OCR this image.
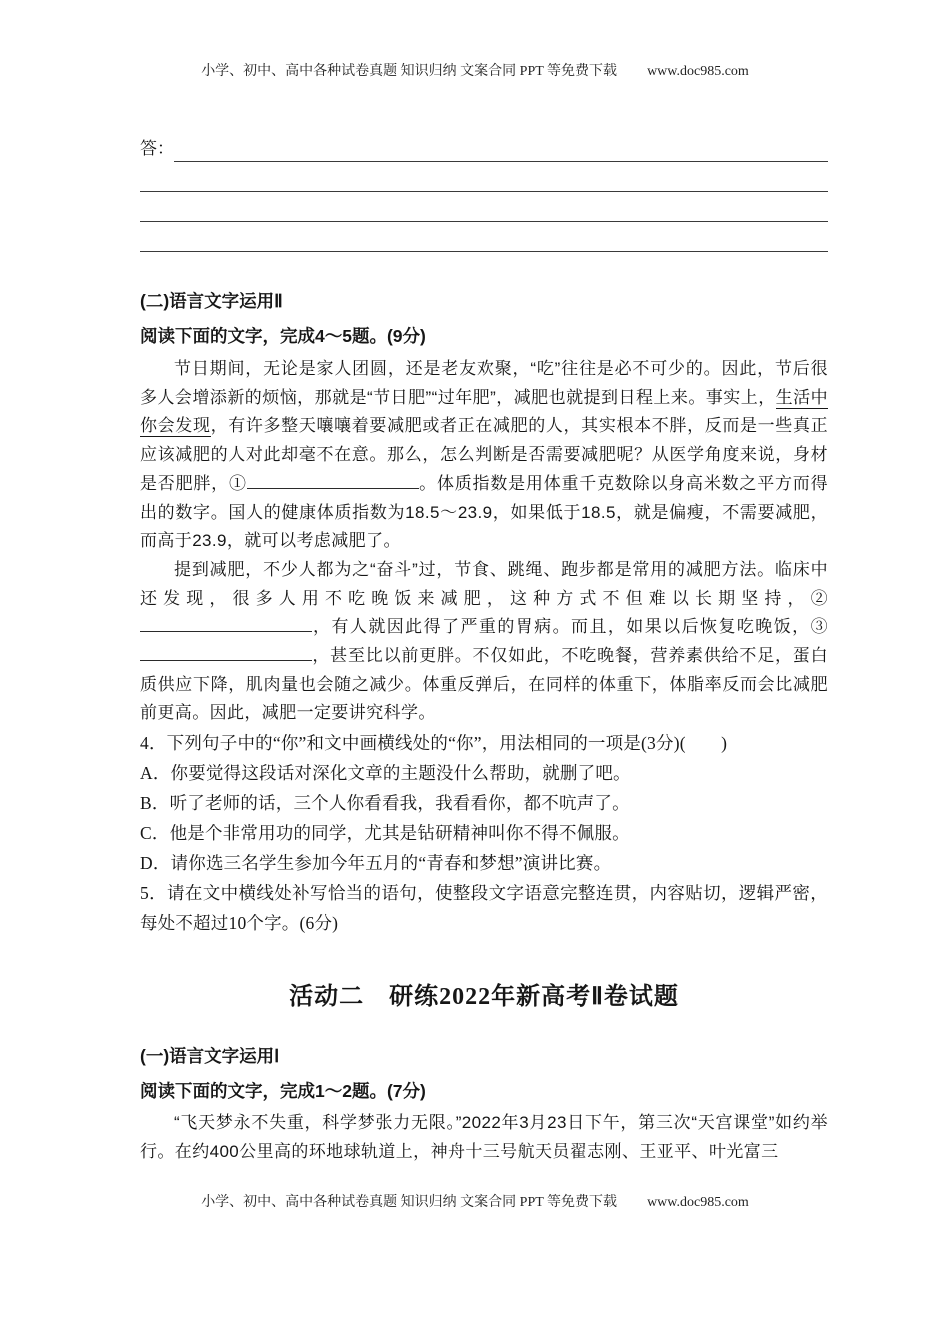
小学、初中、高中各种试卷真题 知识归纳 文案合同 PPT 等免费下载 www.doc985.com
答：
(二)语言文字运用Ⅱ
阅读下面的文字，完成4～5题。(9分)

节日期间，无论是家人团圆，还是老友欢聚，“吃”往往是必不可少的。因此，节后很多人会增添新的烦恼，那就是“节日肥”“过年肥”，减肥也就提到日程上来。事实上，生活中你会发现，有许多整天嚷嚷着要减肥或者正在减肥的人，其实根本不胖，反而是一些真正应该减肥的人对此却毫不在意。那么，怎么判断是否需要减肥呢？从医学角度来说，身材是否肥胖，①	。体质指数是用体重千克数除以身高米数之平方而得出的数字。国人的健康体质指数为18.5～23.9，如果低于18.5，就是偏瘦，不需要减肥，而高于23.9，就可以考虑减肥了。

提到减肥，不少人都为之“奋斗”过，节食、跳绳、跑步都是常用的减肥方法。临床中还发现，很多人用不吃晚饭来减肥，这种方式不但难以长期坚持，②，有人就因此得了严重的胃病。而且，如果以后恢复吃晚饭，③，甚至比以前更胖。不仅如此，不吃晚餐，营养素供给不足，蛋白质供应下降，肌肉量也会随之减少。体重反弹后，在同样的体重下，体脂率反而会比减肥前更高。因此，减肥一定要讲究科学。

4．下列句子中的“你”和文中画横线处的“你”，用法相同的一项是(3分)(　　)
A．你要觉得这段话对深化文章的主题没什么帮助，就删了吧。
B．听了老师的话，三个人你看看我，我看看你，都不吭声了。
C．他是个非常用功的同学，尤其是钻研精神叫你不得不佩服。
D．请你选三名学生参加今年五月的“青春和梦想”演讲比赛。
5．请在文中横线处补写恰当的语句，使整段文字语意完整连贯，内容贴切，逻辑严密，每处不超过10个字。(6分)
活动二　研练2022年新高考Ⅱ卷试题
(一)语言文字运用Ⅰ
阅读下面的文字，完成1～2题。(7分)

“飞天梦永不失重，科学梦张力无限。”2022年3月23日下午，第三次“天宫课堂”如约举行。在约400公里高的环地球轨道上，神舟十三号航天员翟志刚、王亚平、叶光富三

小学、初中、高中各种试卷真题 知识归纳 文案合同 PPT 等免费下载 www.doc985.com
